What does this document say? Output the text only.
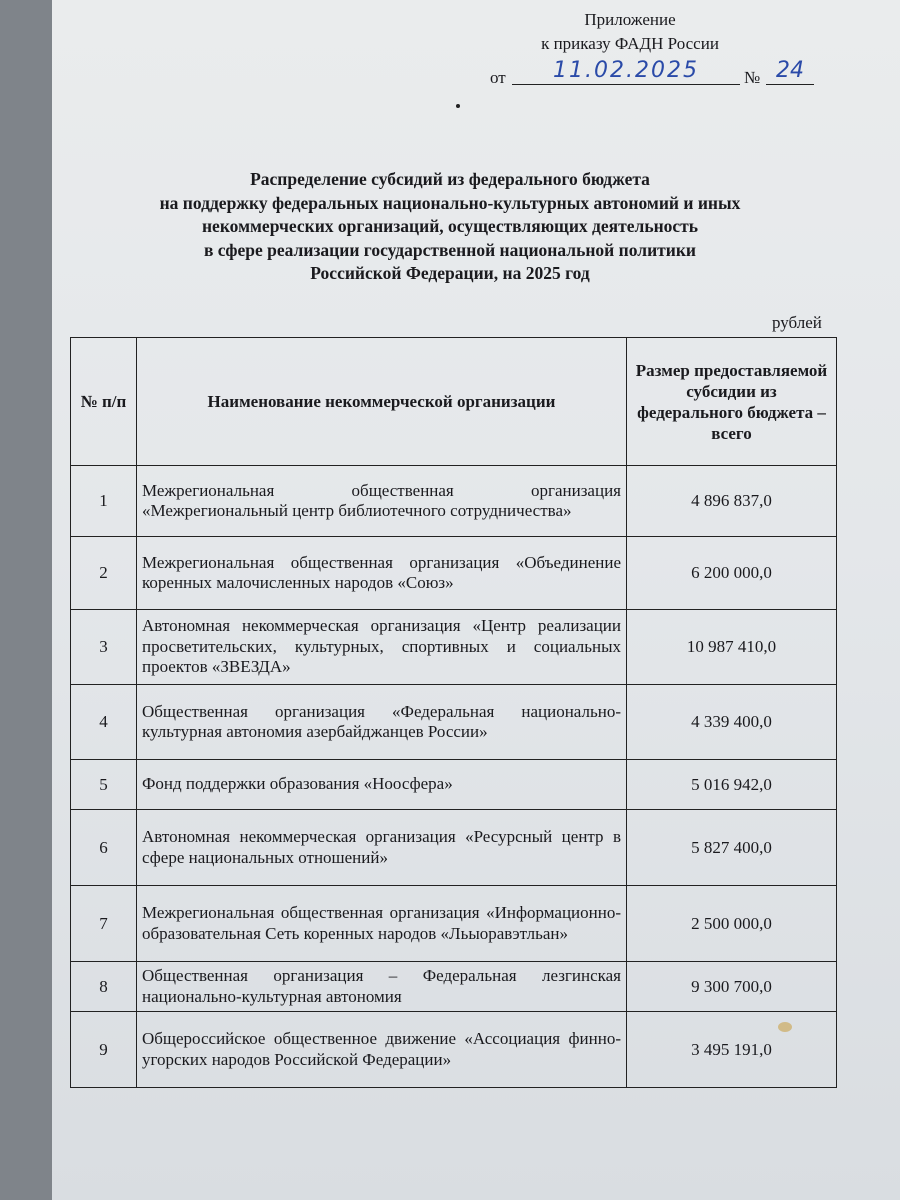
Приложение
к приказу ФАДН России
от	11.02.2025	№ 24
Распределение субсидий из федерального бюджета
на поддержку федеральных национально-культурных автономий и иных
некоммерческих организаций, осуществляющих деятельность
в сфере реализации государственной национальной политики
Российской Федерации, на 2025 год
рублей
№ п/п	Наименование некоммерческой организации	Размер предоставляемой субсидии из федерального бюджета – всего
1	Межрегиональная общественная организация «Межрегиональный центр библиотечного сотрудничества»	4 896 837,0
2	Межрегиональная общественная организация «Объединение коренных малочисленных народов «Союз»	6 200 000,0
3	Автономная некоммерческая организация «Центр реализации просветительских, культурных, спортивных и социальных проектов «ЗВЕЗДА»	10 987 410,0
4	Общественная организация «Федеральная национально-культурная автономия азербайджанцев России»	4 339 400,0
5	Фонд поддержки образования «Ноосфера»	5 016 942,0
6	Автономная некоммерческая организация «Ресурсный центр в сфере национальных отношений»	5 827 400,0
7	Межрегиональная общественная организация «Информационно-образовательная Сеть коренных народов «Льыоравэтльан»	2 500 000,0
8	Общественная организация – Федеральная лезгинская национально-культурная автономия	9 300 700,0
9	Общероссийское общественное движение «Ассоциация финно-угорских народов Российской Федерации»	3 495 191,0
